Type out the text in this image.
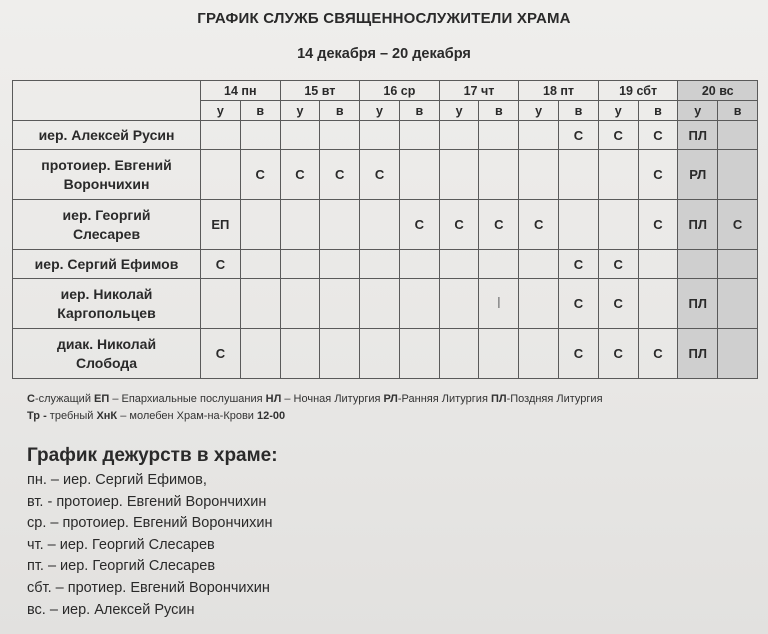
ГРАФИК СЛУЖБ СВЯЩЕННОСЛУЖИТЕЛИ ХРАМА
14 декабря – 20 декабря
	14 пн		15 вт		16 ср		17 чт		18 пт		19 сбт		20 вс	
	у	в	у	в	у	в	у	в	у	в	у	в	у	в

иер. Алексей Русин										С	С	С	ПЛ	

протоиер. Евгений
Ворончихин		С	С	С	С							С	РЛ	

иер. Георгий
Слесарев	ЕП					С	С	С	С			С	ПЛ	С

иер. Сергий Ефимов	С									С	С			

иер. Николай
Каргопольцев								I		С	С		ПЛ	

диак. Николай
Слобода	С									С	С	С	ПЛ	
С-служащий ЕП – Епархиальные послушания НЛ – Ночная Литургия РЛ-Ранняя Литургия ПЛ-Поздняя Литургия
Тр - требный ХнК – молебен Храм-на-Крови 12-00
График дежурств в храме:
пн. – иер. Сергий Ефимов,
вт. - протоиер. Евгений Ворончихин
ср. – протоиер. Евгений Ворончихин
чт. – иер. Георгий Слесарев
пт. – иер. Георгий Слесарев
сбт. – протиер. Евгений Ворончихин
вс. – иер. Алексей Русин
